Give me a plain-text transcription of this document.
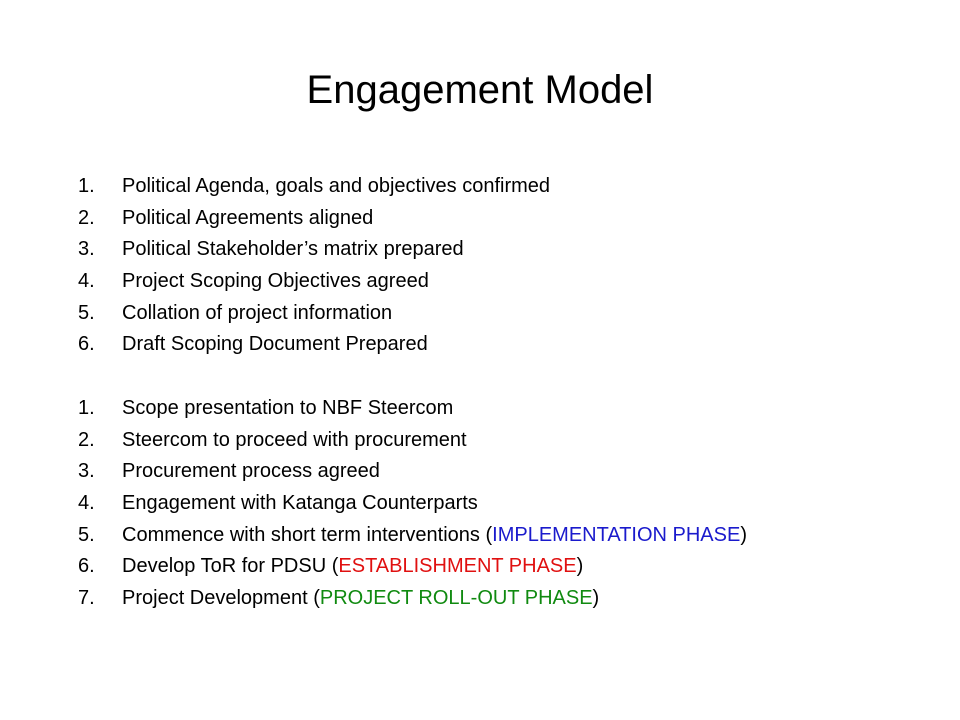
Engagement Model
1. Political Agenda, goals and objectives confirmed
2. Political Agreements aligned
3. Political Stakeholder’s matrix prepared
4. Project Scoping Objectives agreed
5. Collation of project information
6. Draft Scoping Document Prepared
1. Scope presentation to NBF Steercom
2. Steercom to proceed with procurement
3. Procurement process agreed
4. Engagement with Katanga Counterparts
5. Commence with short term interventions (IMPLEMENTATION PHASE)
6. Develop ToR for PDSU (ESTABLISHMENT PHASE)
7. Project Development (PROJECT ROLL-OUT PHASE)
